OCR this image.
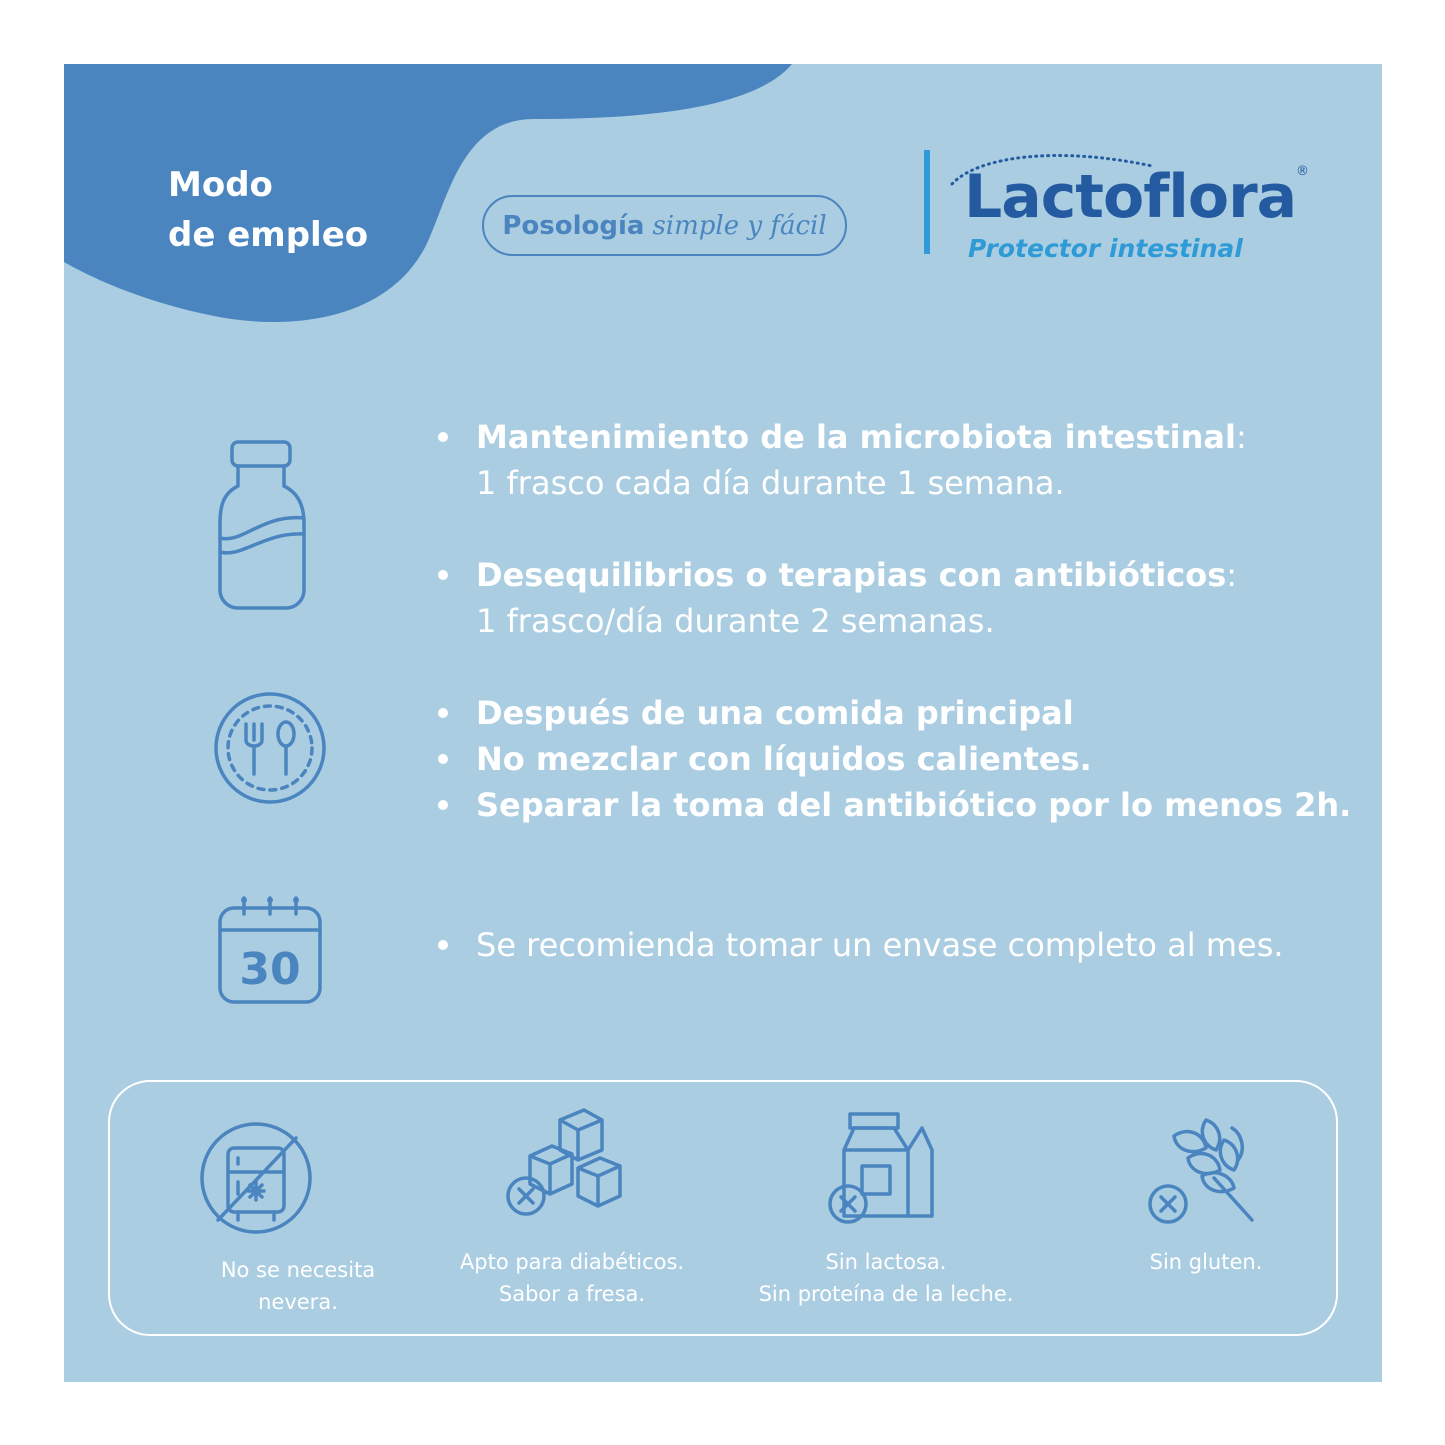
Modo
de empleo	Posología simple y fácil Lactoflora ®

Protector intestinal

30
Mantenimiento de la microbiota intestinal:
1 frasco cada día durante 1 semana.
Desequilibrios o terapias con antibióticos:
1 frasco/día durante 2 semanas.
Después de una comida principal
No mezclar con líquidos calientes.
Separar la toma del antibiótico por lo menos 2h.
Se recomienda tomar un envase completo al mes.

No se necesita
nevera.

Apto para diabéticos.
Sabor a fresa.

Sin lactosa.
Sin proteína de la leche.

Sin gluten.
